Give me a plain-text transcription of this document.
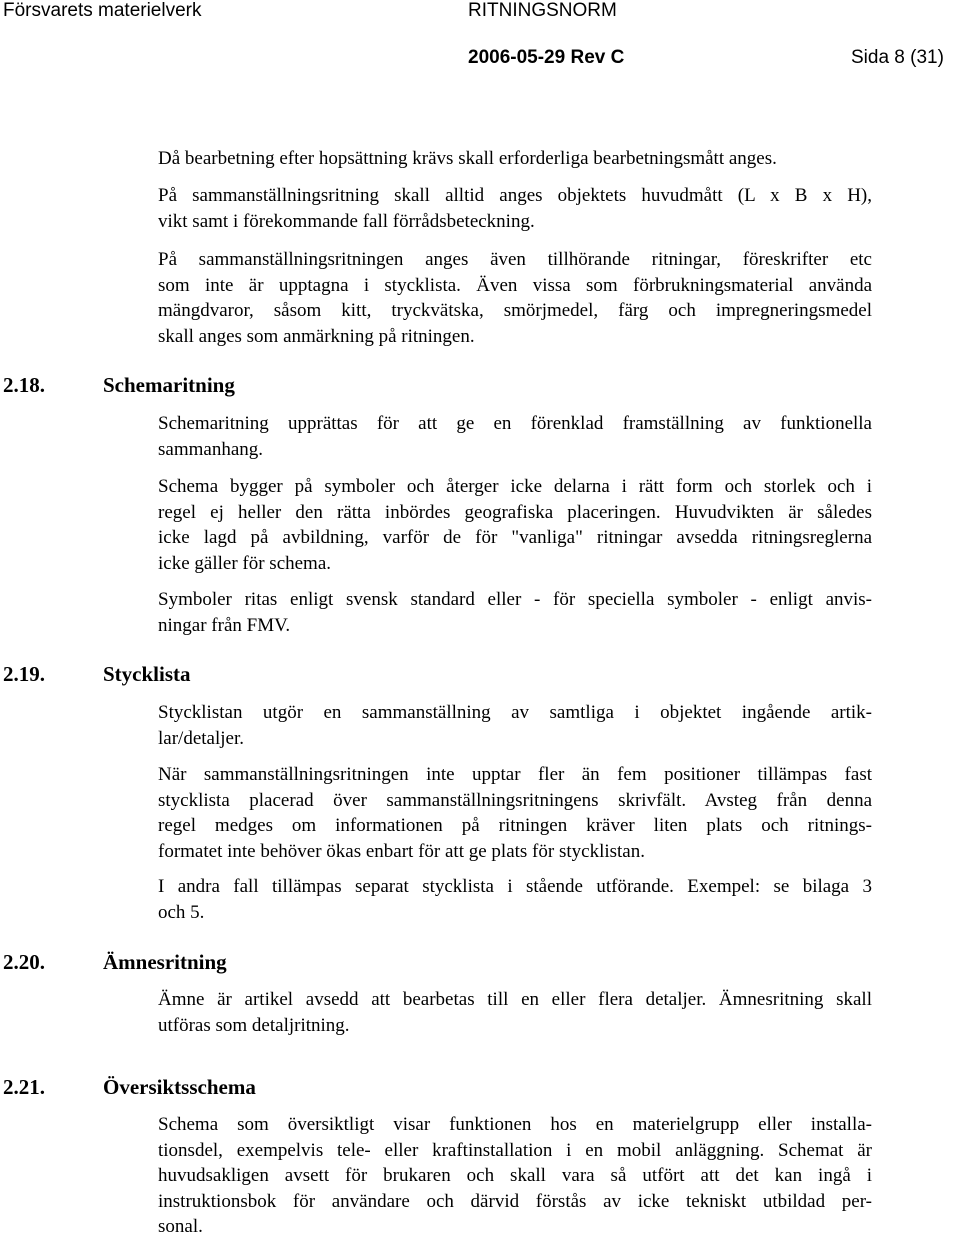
Försvarets materielverk	RITNINGSNORM
2006-05-29 Rev C	Sida 8 (31)
Då bearbetning efter hopsättning krävs skall erforderliga bearbetningsmått anges.
På sammanställningsritning skall alltid anges objektets huvudmått (L x B x H),
vikt samt i förekommande fall förrådsbeteckning.
På sammanställningsritningen anges även tillhörande ritningar, föreskrifter etc
som inte är upptagna i stycklista. Även vissa som förbrukningsmaterial använda
mängdvaror, såsom kitt, tryckvätska, smörjmedel, färg och impregneringsmedel
skall anges som anmärkning på ritningen.
2.18.	Schemaritning
Schemaritning upprättas för att ge en förenklad framställning av funktionella
sammanhang.
Schema bygger på symboler och återger icke delarna i rätt form och storlek och i
regel ej heller den rätta inbördes geografiska placeringen. Huvudvikten är således
icke lagd på avbildning, varför de för "vanliga" ritningar avsedda ritningsreglerna
icke gäller för schema.
Symboler ritas enligt svensk standard eller - för speciella symboler - enligt anvis-
ningar från FMV.
2.19.	Stycklista
Stycklistan utgör en sammanställning av samtliga i objektet ingående artik-
lar/detaljer.
När sammanställningsritningen inte upptar fler än fem positioner tillämpas fast
stycklista placerad över sammanställningsritningens skrivfält. Avsteg från denna
regel medges om informationen på ritningen kräver liten plats och ritnings-
formatet inte behöver ökas enbart för att ge plats för stycklistan.
I andra fall tillämpas separat stycklista i stående utförande. Exempel: se bilaga 3
och 5.
2.20.	Ämnesritning
Ämne är artikel avsedd att bearbetas till en eller flera detaljer. Ämnesritning skall
utföras som detaljritning.
2.21.	Översiktsschema
Schema som översiktligt visar funktionen hos en materielgrupp eller installa-
tionsdel, exempelvis tele- eller kraftinstallation i en mobil anläggning. Schemat är
huvudsakligen avsett för brukaren och skall vara så utfört att det kan ingå i
instruktionsbok för användare och därvid förstås av icke tekniskt utbildad per-
sonal.
